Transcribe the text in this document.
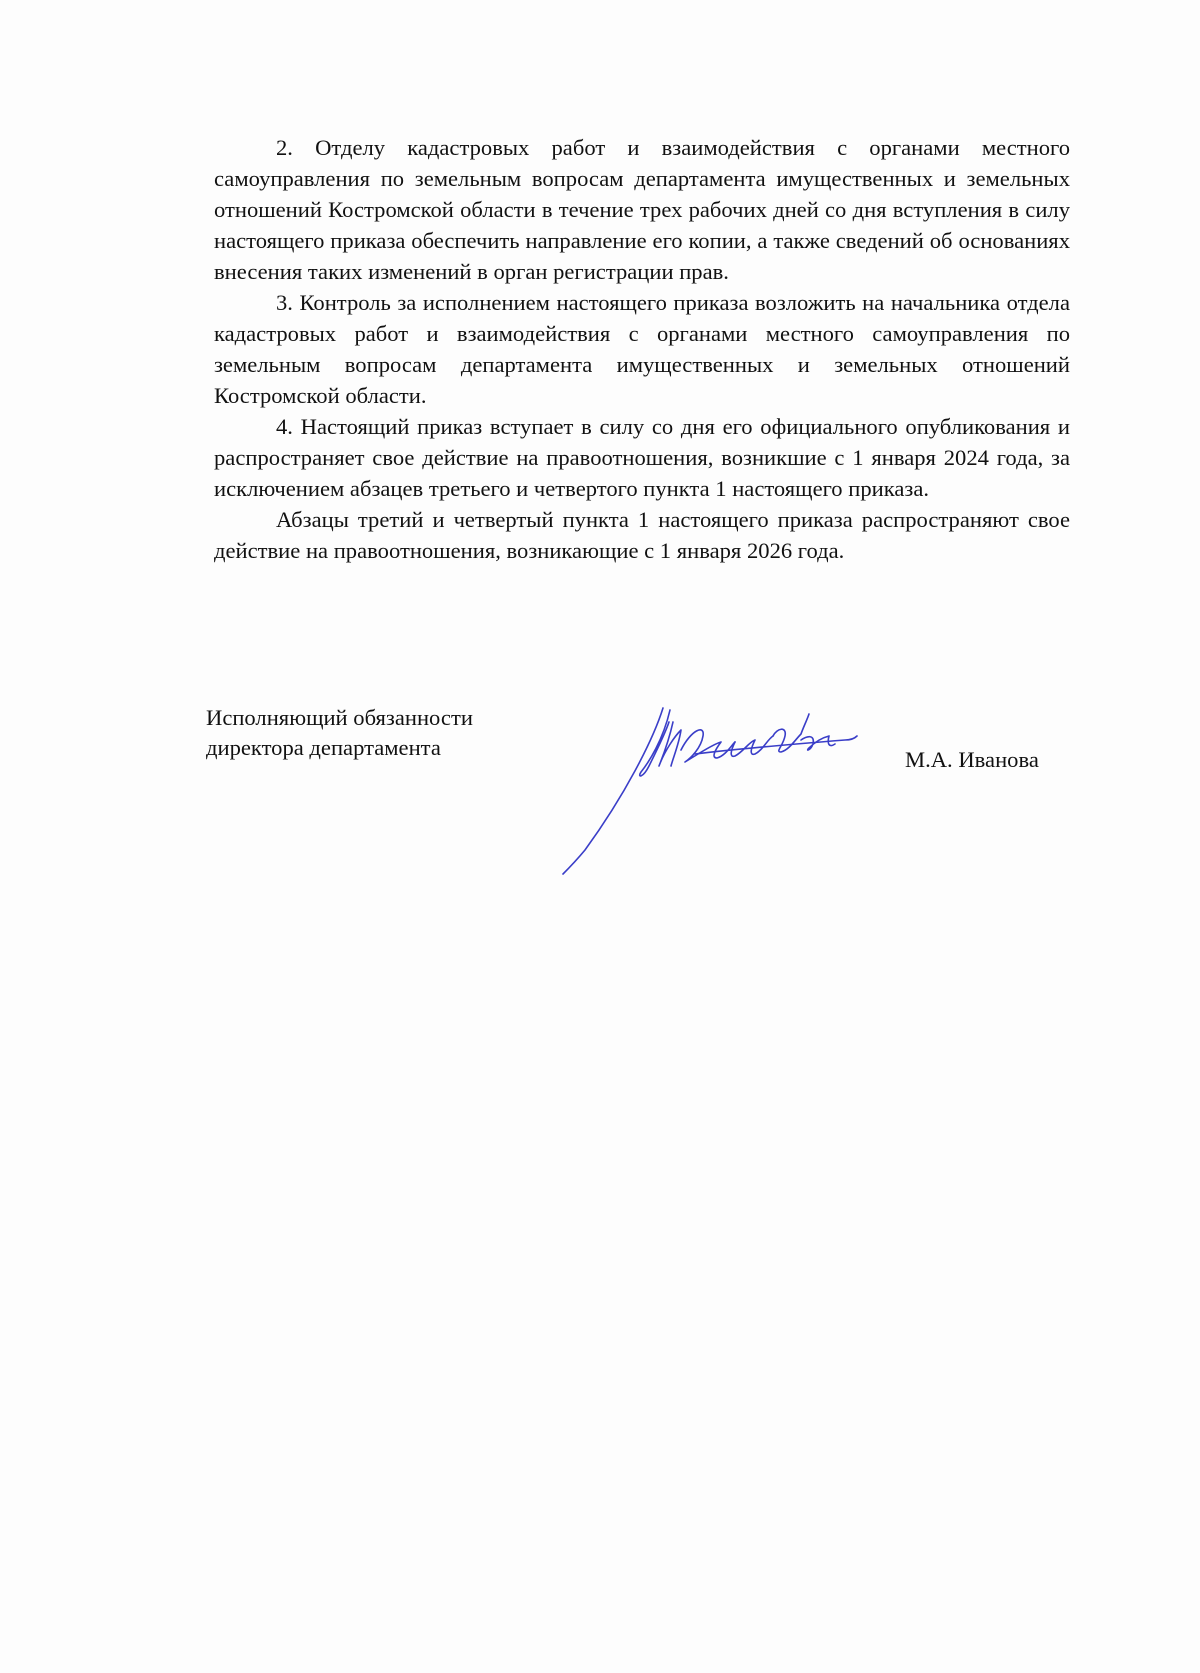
2. Отделу кадастровых работ и взаимодействия с органами местного самоуправления по земельным вопросам департамента имущественных и земельных отношений Костромской области в течение трех рабочих дней со дня вступления в силу настоящего приказа обеспечить направление его копии, а также сведений об основаниях внесения таких изменений в орган регистрации прав.

3. Контроль за исполнением настоящего приказа возложить на начальника отдела кадастровых работ и взаимодействия с органами местного самоуправления по земельным вопросам департамента имущественных и земельных отношений Костромской области.

4. Настоящий приказ вступает в силу со дня его официального опубликования и распространяет свое действие на правоотношения, возникшие с 1 января 2024 года, за исключением абзацев третьего и четвертого пункта 1 настоящего приказа.

Абзацы третий и четвертый пункта 1 настоящего приказа распространяют свое действие на правоотношения, возникающие с 1 января 2026 года.

Исполняющий обязанности
директора департамента	М.А. Иванова
